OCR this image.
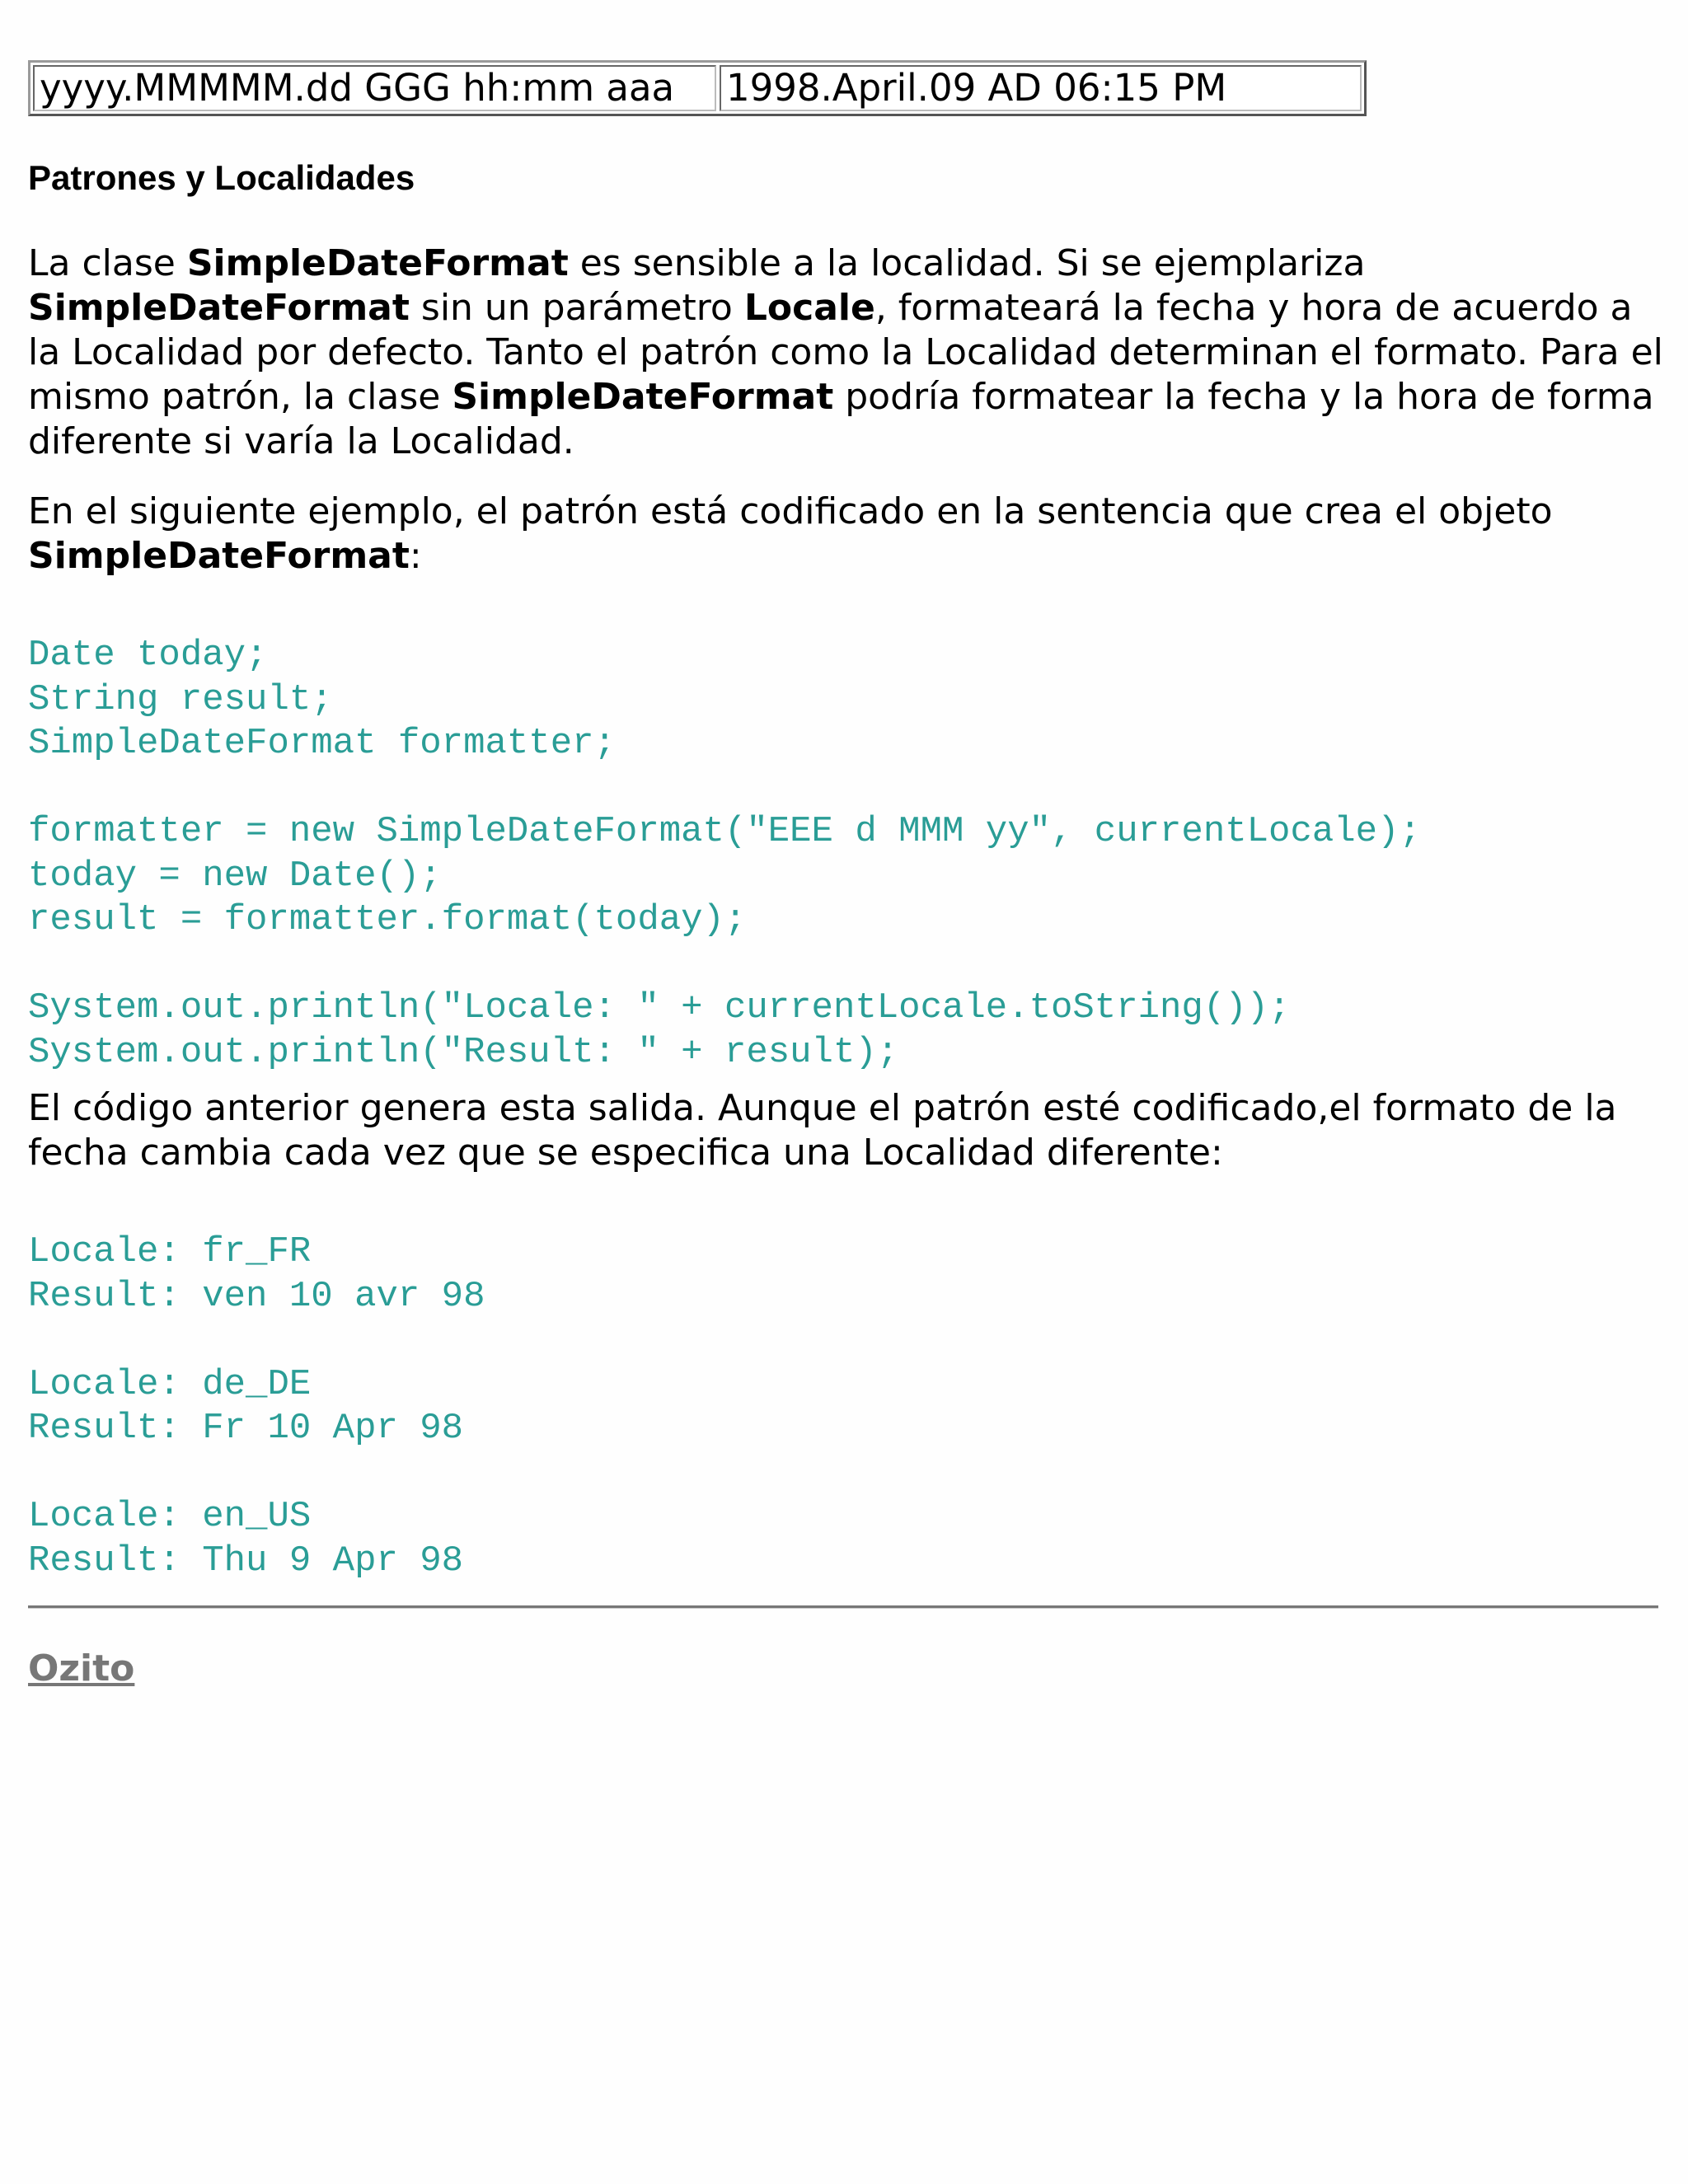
yyyy.MMMMM.dd GGG hh:mm aaa	1998.April.09 AD 06:15 PM
Patrones y Localidades

La clase SimpleDateFormat es sensible a la localidad. Si se ejemplariza SimpleDateFormat sin un parámetro Locale, formateará la fecha y hora de acuerdo a la Localidad por defecto. Tanto el patrón como la Localidad determinan el formato. Para el mismo patrón, la clase SimpleDateFormat podría formatear la fecha y la hora de forma diferente si varía la Localidad.

En el siguiente ejemplo, el patrón está codificado en la sentencia que crea el objeto SimpleDateFormat:

Date today;
String result;
SimpleDateFormat formatter;

formatter = new SimpleDateFormat("EEE d MMM yy", currentLocale);
today = new Date();
result = formatter.format(today);

System.out.println("Locale: " + currentLocale.toString());
System.out.println("Result: " + result);

El código anterior genera esta salida. Aunque el patrón esté codificado,el formato de la fecha cambia cada vez que se especifica una Localidad diferente:

Locale: fr_FR
Result: ven 10 avr 98

Locale: de_DE
Result: Fr 10 Apr 98

Locale: en_US
Result: Thu 9 Apr 98
Ozito
